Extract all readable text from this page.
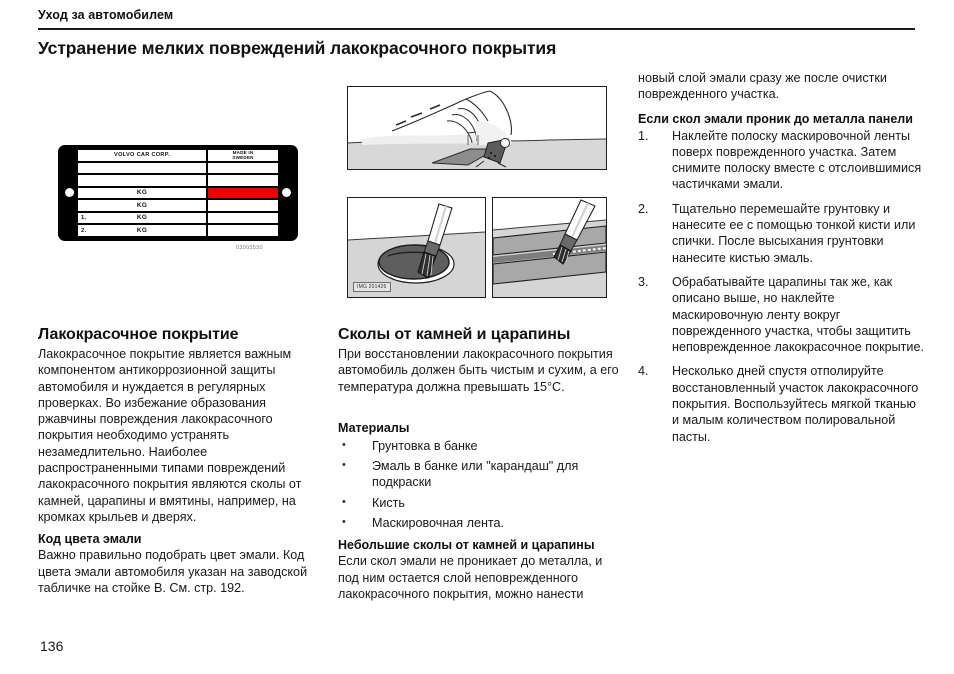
Уход за автомобилем
Устранение мелких повреждений лакокрасочного покрытия
VOLVO CAR CORP.	MADE IN
SWEDEN
KG
KG
1.	KG
2.	KG
03003530
IMG 201426
Лакокрасочное покрытие

Лакокрасочное покрытие является важным компонентом антикоррозионной защиты автомобиля и нуждается в регулярных проверках. Во избежание образования ржавчины повреждения лакокрасочного покрытия необходимо устранять незамедлительно. Наиболее распространенными типами повреждений лакокрасочного покрытия являются сколы от камней, царапины и вмятины, например, на кромках крыльев и дверях.

Код цвета эмали

Важно правильно подобрать цвет эмали. Код цвета эмали автомобиля указан на заводской табличке на стойке B. См. стр. 192.

Сколы от камней и царапины

При восстановлении лакокрасочного покрытия автомобиль должен быть чистым и сухим, а его температура должна превышать 15°C.

Материалы
• Грунтовка в банке
• Эмаль в банке или "карандаш" для подкраски
• Кисть
• Маскировочная лента.
Небольшие сколы от камней и царапины

Если скол эмали не проникает до металла, и под ним остается слой неповрежденного лакокрасочного покрытия, можно нанести

новый слой эмали сразу же после очистки поврежденного участка.

Если скол эмали проник до металла панели
1.	Наклейте полоску маскировочной ленты поверх поврежденного участка. Затем снимите полоску вместе с отслоившимися частичками эмали.
2.	Тщательно перемешайте грунтовку и нанесите ее с помощью тонкой кисти или спички. После высыхания грунтовки нанесите кистью эмаль.
3.	Обрабатывайте царапины так же, как описано выше, но наклейте маскировочную ленту вокруг поврежденного участка, чтобы защитить неповрежденное лакокрасочное покрытие.
4.	Несколько дней спустя отполируйте восстановленный участок лакокрасочного покрытия. Воспользуйтесь мягкой тканью и малым количеством полировальной пасты.
136
